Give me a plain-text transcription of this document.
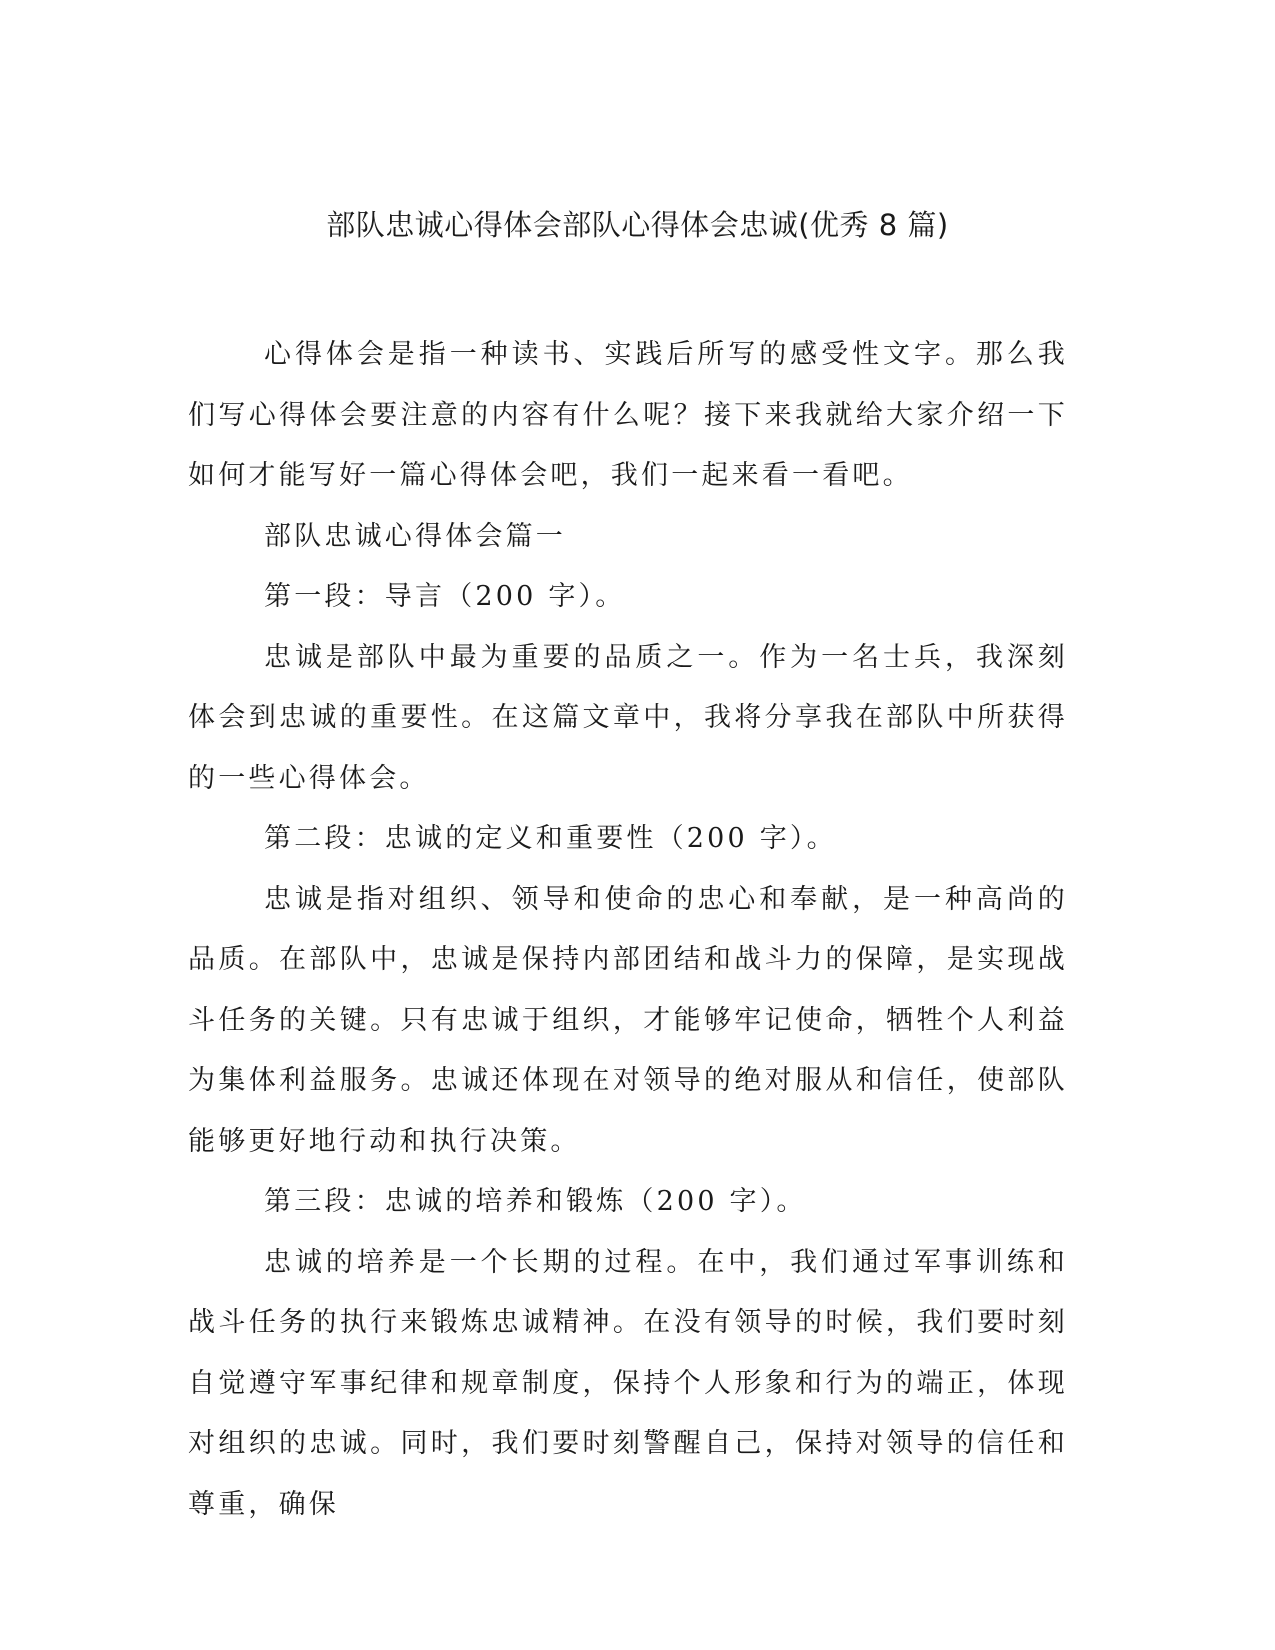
部队忠诚心得体会部队心得体会忠诚(优秀 8 篇)

心得体会是指一种读书、实践后所写的感受性文字。那么我们写心得体会要注意的内容有什么呢？接下来我就给大家介绍一下如何才能写好一篇心得体会吧，我们一起来看一看吧。

部队忠诚心得体会篇一

第一段：导言（200 字）。

忠诚是部队中最为重要的品质之一。作为一名士兵，我深刻体会到忠诚的重要性。在这篇文章中，我将分享我在部队中所获得的一些心得体会。

第二段：忠诚的定义和重要性（200 字）。

忠诚是指对组织、领导和使命的忠心和奉献，是一种高尚的品质。在部队中，忠诚是保持内部团结和战斗力的保障，是实现战斗任务的关键。只有忠诚于组织，才能够牢记使命，牺牲个人利益为集体利益服务。忠诚还体现在对领导的绝对服从和信任，使部队能够更好地行动和执行决策。

第三段：忠诚的培养和锻炼（200 字）。

忠诚的培养是一个长期的过程。在中，我们通过军事训练和战斗任务的执行来锻炼忠诚精神。在没有领导的时候，我们要时刻自觉遵守军事纪律和规章制度，保持个人形象和行为的端正，体现对组织的忠诚。同时，我们要时刻警醒自己，保持对领导的信任和尊重，确保
